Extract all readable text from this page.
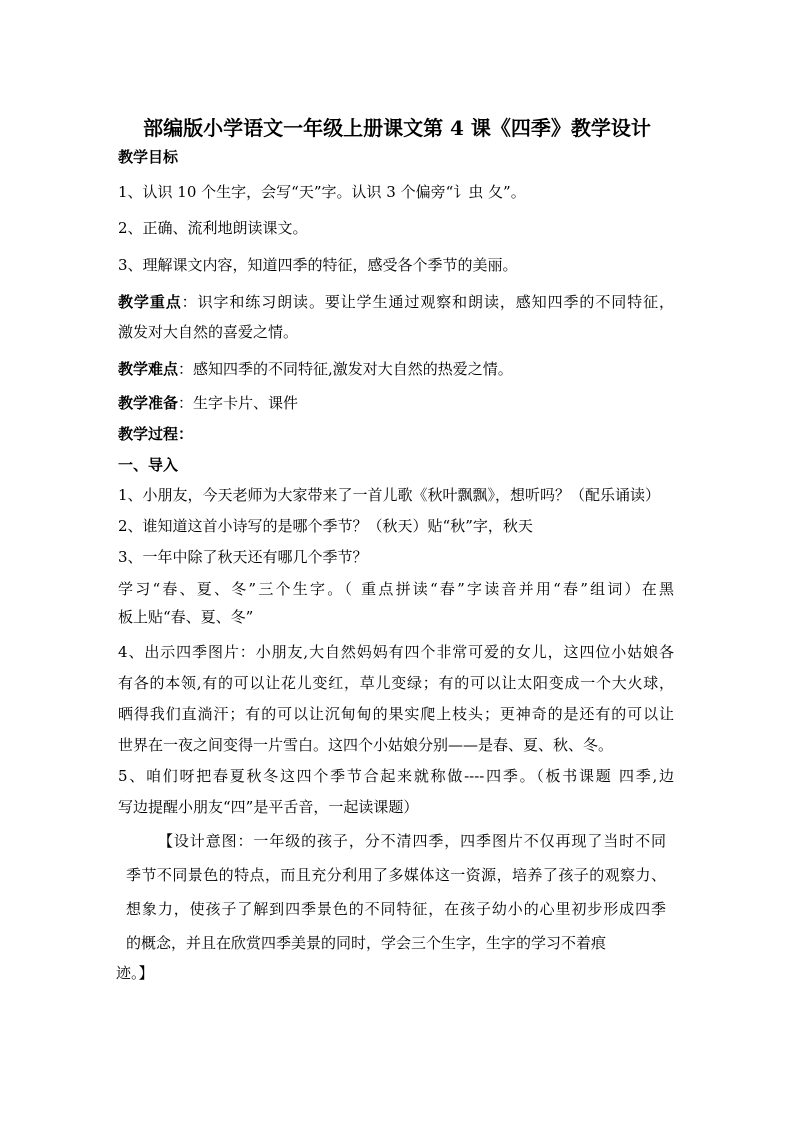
部编版小学语文一年级上册课文第 4 课《四季》教学设计
教学目标
1、认识 10 个生字，会写“天”字。认识 3 个偏旁“讠虫 夂”。
2、正确、流利地朗读课文。
3、理解课文内容，知道四季的特征，感受各个季节的美丽。
教学重点：识字和练习朗读。要让学生通过观察和朗读，感知四季的不同特征，
激发对大自然的喜爱之情。
教学难点：感知四季的不同特征,激发对大自然的热爱之情。
教学准备：生字卡片、课件
教学过程：
一、导入
1、小朋友，今天老师为大家带来了一首儿歌《秋叶飘飘》，想听吗？（配乐诵读）
2、谁知道这首小诗写的是哪个季节？（秋天）贴“秋”字，秋天
3、一年中除了秋天还有哪几个季节？
学习“春、夏、冬”三个生字。（ 重点拼读“春”字读音并用“春”组词）在黑
板上贴“春、夏、冬”
4、出示四季图片：小朋友,大自然妈妈有四个非常可爱的女儿，这四位小姑娘各
有各的本领,有的可以让花儿变红，草儿变绿；有的可以让太阳变成一个大火球，
晒得我们直淌汗；有的可以让沉甸甸的果实爬上枝头；更神奇的是还有的可以让
世界在一夜之间变得一片雪白。这四个小姑娘分别——是春、夏、秋、冬。
5、咱们呀把春夏秋冬这四个季节合起来就称做----四季。（板书课题 四季,边
写边提醒小朋友“四”是平舌音，一起读课题）
【设计意图：一年级的孩子，分不清四季，四季图片不仅再现了当时不同
季节不同景色的特点，而且充分利用了多媒体这一资源，培养了孩子的观察力、
想象力，使孩子了解到四季景色的不同特征，在孩子幼小的心里初步形成四季
的概念，并且在欣赏四季美景的同时，学会三个生字，生字的学习不着痕
迹。】
